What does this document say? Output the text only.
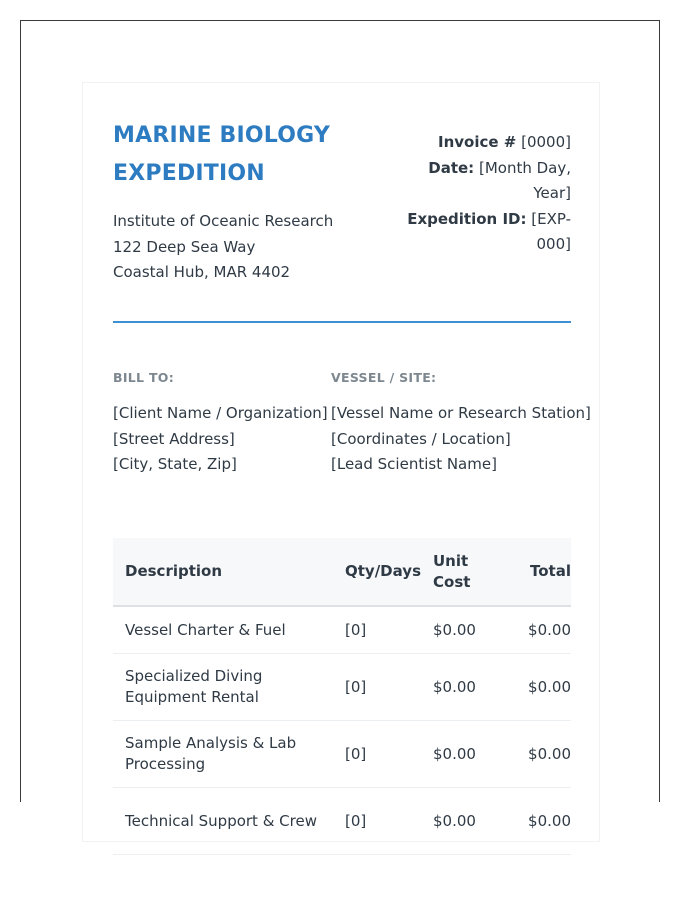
MARINE BIOLOGY EXPEDITION
Institute of Oceanic Research
122 Deep Sea Way
Coastal Hub, MAR 4402
Invoice # [0000]
Date: [Month Day, Year]
Expedition ID: [EXP-000]
BILL TO:
[Client Name / Organization]
[Street Address]
[City, State, Zip]
VESSEL / SITE:
[Vessel Name or Research Station]
[Coordinates / Location]
[Lead Scientist Name]
Description	Qty/Days	Unit Cost	Total
Vessel Charter & Fuel	[0]	$0.00	$0.00
Specialized Diving Equipment Rental	[0]	$0.00	$0.00
Sample Analysis & Lab Processing	[0]	$0.00	$0.00
Technical Support & Crew	[0]	$0.00	$0.00
